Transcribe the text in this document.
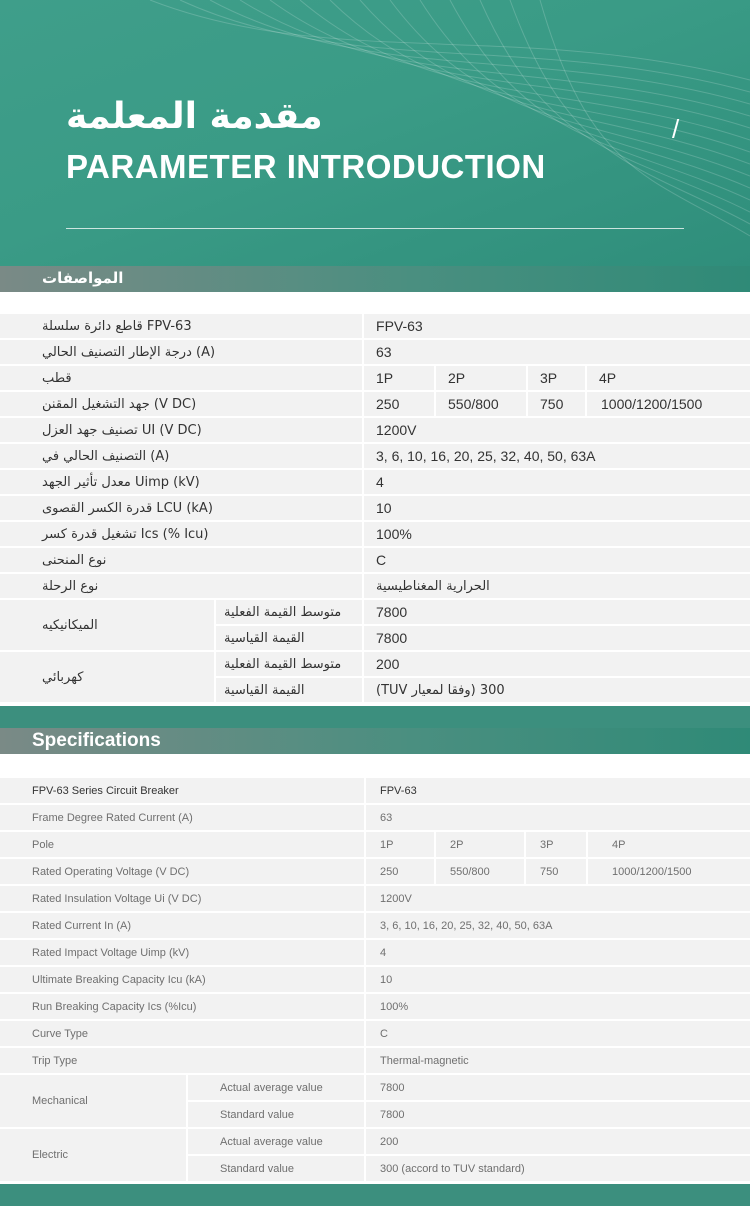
مقدمة المعلمة
PARAMETER INTRODUCTION
/
المواصفات
FPV-63 قاطع دائرة سلسلة		FPV-63			
(A) درجة الإطار التصنيف الحالي		63			
قطب		1P	2P	3P	4P
(V DC) جهد التشغيل المقنن		250	550/800	750	1000/1200/1500
UI (V DC) تصنيف جهد العزل		1200V			
(A) التصنيف الحالي في		3, 6, 10, 16, 20, 25, 32, 40, 50, 63A			
Uimp (kV) معدل تأثير الجهد		4			
LCU (kA) قدرة الكسر القصوى		10			
Ics (% Icu) تشغيل قدرة كسر		100%			
نوع المنحنى		C			
نوع الرحلة		الحرارية المغناطيسية			
الميكانيكيه	متوسط القيمة الفعلية	7800			
	القيمة القياسية	7800			
كهربائي	متوسط القيمة الفعلية	200			
	القيمة القياسية	300 (وفقا لمعيار TUV)			
Specifications
FPV-63 Series Circuit Breaker		FPV-63			
Frame Degree Rated Current (A)		63			
Pole		1P	2P	3P	4P
Rated Operating Voltage (V DC)		250	550/800	750	1000/1200/1500
Rated Insulation Voltage Ui (V DC)		1200V			
Rated Current In (A)		3, 6, 10, 16, 20, 25, 32, 40, 50, 63A			
Rated Impact Voltage Uimp (kV)		4			
Ultimate Breaking Capacity Icu (kA)		10			
Run Breaking Capacity Ics (%Icu)		100%			
Curve Type		C			
Trip Type		Thermal-magnetic			
Mechanical	Actual average value	7800			
	Standard value	7800			
Electric	Actual average value	200			
	Standard value	300 (accord to TUV standard)			
